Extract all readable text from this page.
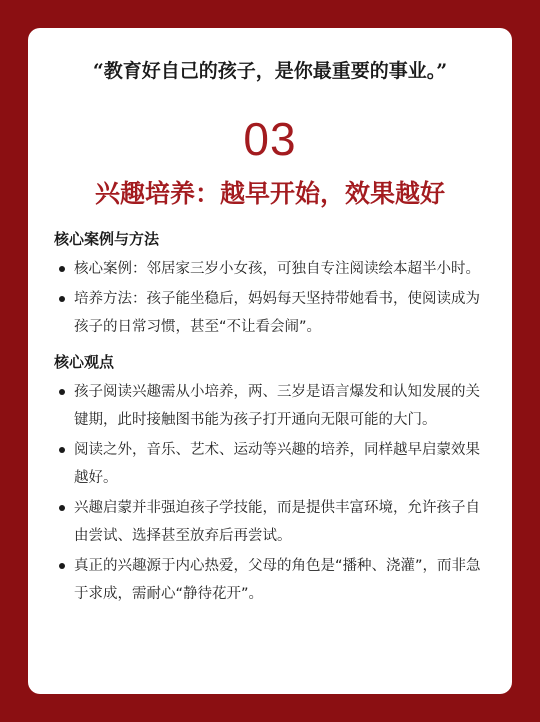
“教育好自己的孩子，是你最重要的事业。”
03
兴趣培养：越早开始，效果越好
核心案例与方法
核心案例：邻居家三岁小女孩，可独自专注阅读绘本超半小时。
培养方法：孩子能坐稳后，妈妈每天坚持带她看书，使阅读成为孩子的日常习惯，甚至“不让看会闹”。
核心观点
孩子阅读兴趣需从小培养，两、三岁是语言爆发和认知发展的关键期，此时接触图书能为孩子打开通向无限可能的大门。
阅读之外，音乐、艺术、运动等兴趣的培养，同样越早启蒙效果越好。
兴趣启蒙并非强迫孩子学技能，而是提供丰富环境，允许孩子自由尝试、选择甚至放弃后再尝试。
真正的兴趣源于内心热爱，父母的角色是“播种、浇灌”，而非急于求成，需耐心“静待花开”。
